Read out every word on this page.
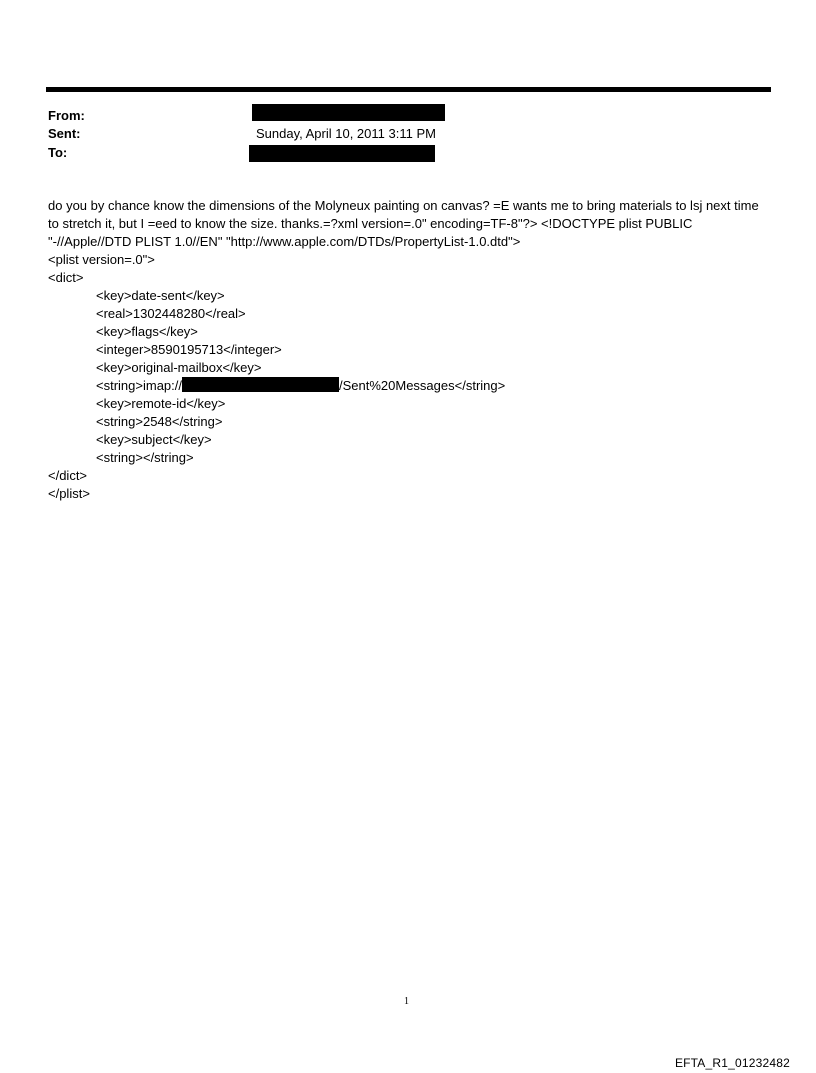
From:
Sent:	Sunday, April 10, 2011 3:11 PM
To:

do you by chance know the dimensions of the Molyneux painting on canvas? =E wants me to bring materials to lsj next time to stretch it, but I =eed to know the size. thanks.=?xml version=.0" encoding=TF-8"?> <!DOCTYPE plist PUBLIC "-//Apple//DTD PLIST 1.0//EN" "http://www.apple.com/DTDs/PropertyList-1.0.dtd">

<plist version=.0">
<dict>
<key>date-sent</key>
<real>1302448280</real>
<key>flags</key>
<integer>8590195713</integer>
<key>original-mailbox</key>
<string>imap://	/Sent%20Messages</string>
<key>remote-id</key>
<string>2548</string>
<key>subject</key>
<string></string>
</dict>
</plist>
1
EFTA_R1_01232482
